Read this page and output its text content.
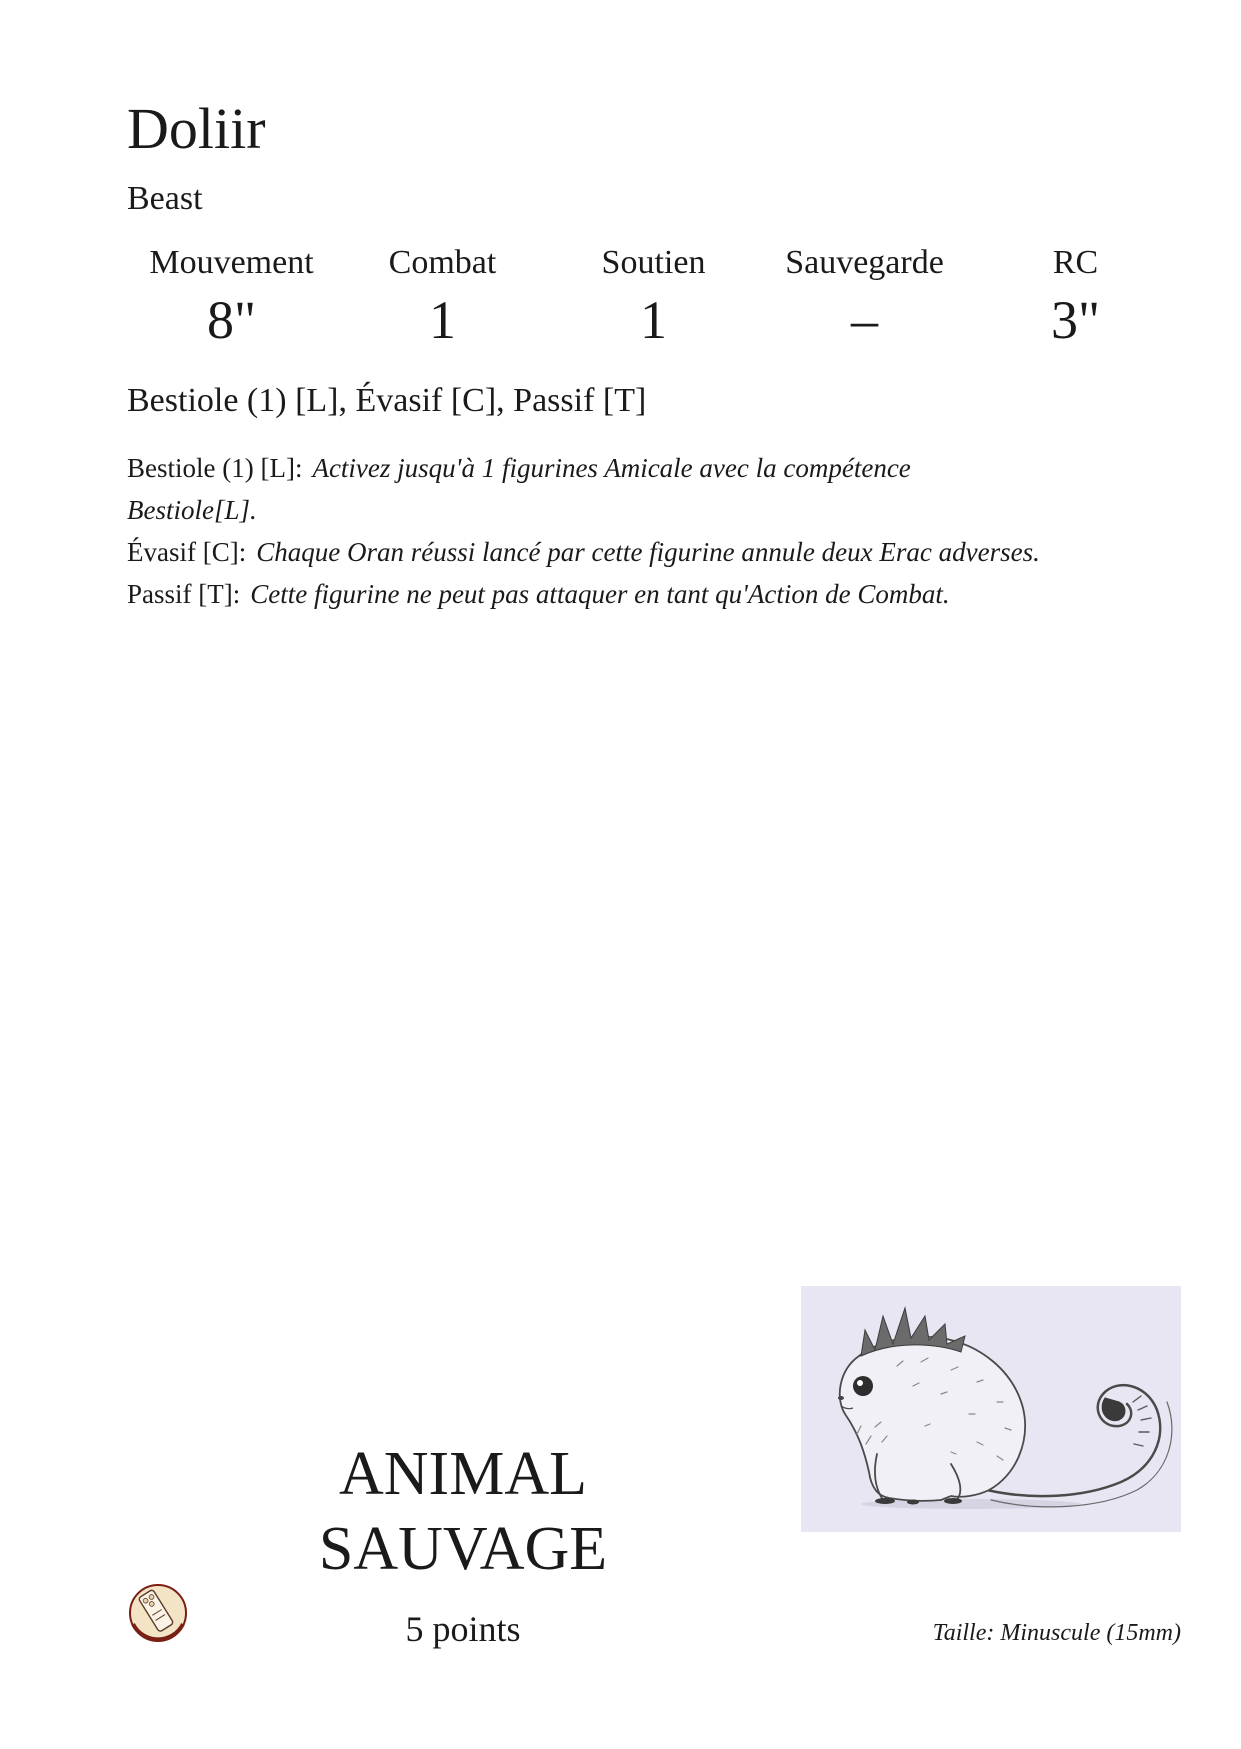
Doliir
Beast
Mouvement	Combat	Soutien	Sauvegarde	RC
8"	1	1	–	3"
Bestiole (1) [L], Évasif [C], Passif [T]
Bestiole (1) [L]: Activez jusqu'à 1 figurines Amicale avec la compétence Bestiole[L].
Évasif [C]: Chaque Oran réussi lancé par cette figurine annule deux Erac adverses.
Passif [T]: Cette figurine ne peut pas attaquer en tant qu'Action de Combat.
ANIMAL
SAUVAGE
5 points	Taille: Minuscule (15mm)
